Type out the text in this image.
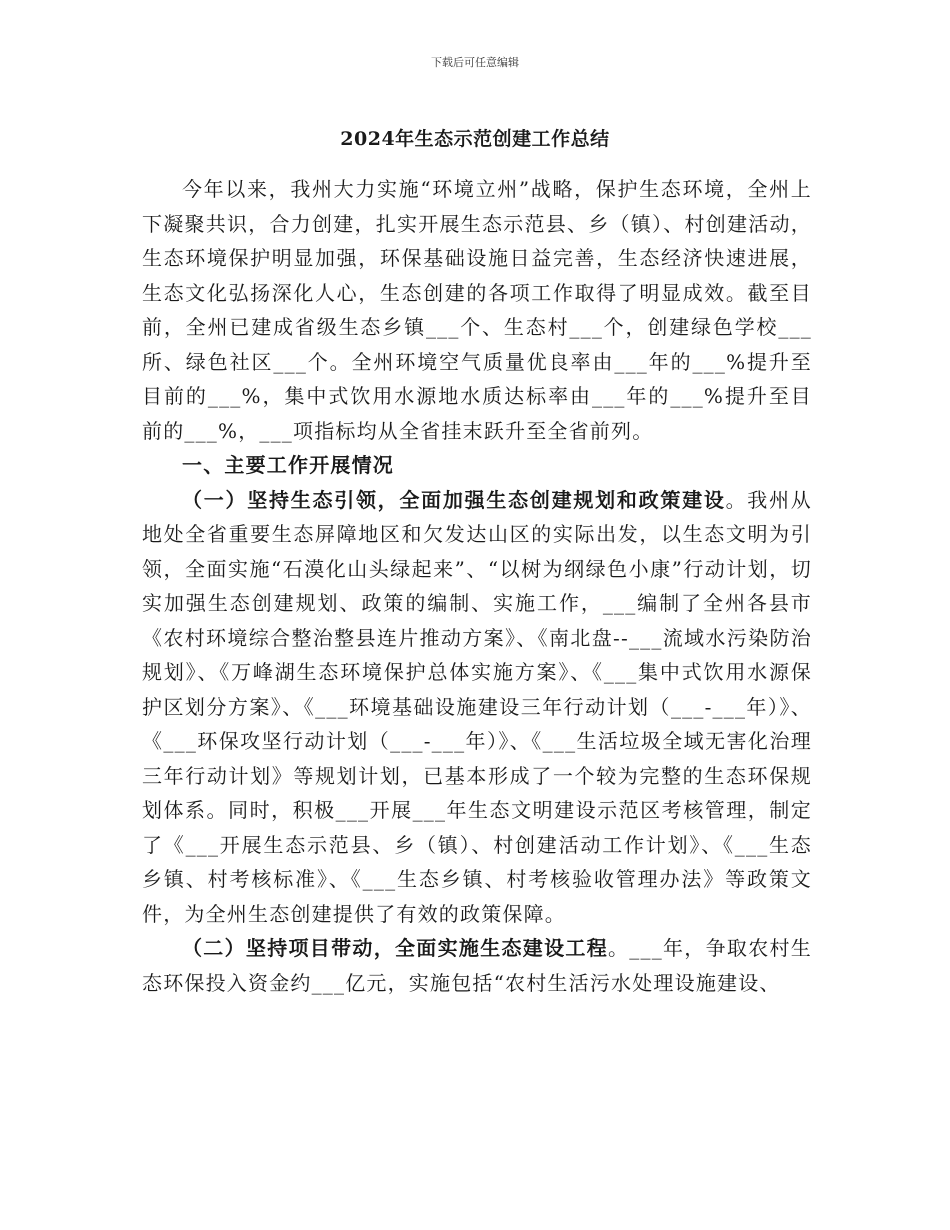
下载后可任意编辑
2024年生态示范创建工作总结

今年以来，我州大力实施“环境立州”战略，保护生态环境，全州上下凝聚共识，合力创建，扎实开展生态示范县、乡（镇）、村创建活动，生态环境保护明显加强，环保基础设施日益完善，生态经济快速进展，生态文化弘扬深化人心，生态创建的各项工作取得了明显成效。截至目前，全州已建成省级生态乡镇___个、生态村___个，创建绿色学校___所、绿色社区___个。全州环境空气质量优良率由___年的___%提升至目前的___%，集中式饮用水源地水质达标率由___年的___%提升至目前的___%，___项指标均从全省挂末跃升至全省前列。

一、主要工作开展情况

（一）坚持生态引领，全面加强生态创建规划和政策建设。我州从地处全省重要生态屏障地区和欠发达山区的实际出发，以生态文明为引领，全面实施“石漠化山头绿起来”、“以树为纲绿色小康”行动计划，切实加强生态创建规划、政策的编制、实施工作，___编制了全州各县市《农村环境综合整治整县连片推动方案》、《南北盘--___流域水污染防治规划》、《万峰湖生态环境保护总体实施方案》、《___集中式饮用水源保护区划分方案》、《___环境基础设施建设三年行动计划（___-___年）》、《___环保攻坚行动计划（___-___年）》、《___生活垃圾全域无害化治理三年行动计划》等规划计划，已基本形成了一个较为完整的生态环保规划体系。同时，积极___开展___年生态文明建设示范区考核管理，制定了《___开展生态示范县、乡（镇）、村创建活动工作计划》、《___生态乡镇、村考核标准》、《___生态乡镇、村考核验收管理办法》等政策文件，为全州生态创建提供了有效的政策保障。

（二）坚持项目带动，全面实施生态建设工程。___年，争取农村生态环保投入资金约___亿元，实施包括“农村生活污水处理设施建设、
